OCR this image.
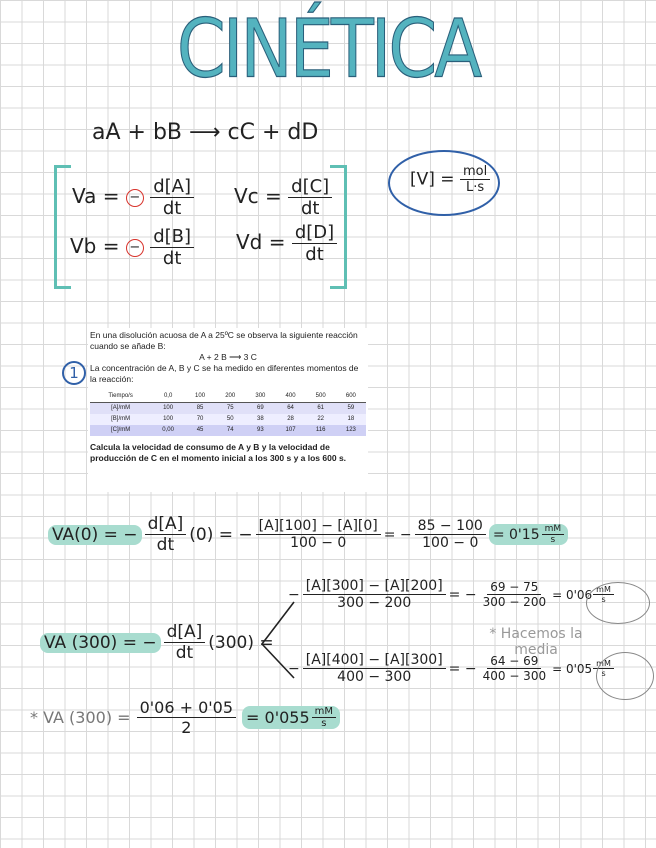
CINÉTICA
aA + bB ⟶ cC + dD
Va = − $\frac{d[A]}{dt}$
Vb = − $\frac{d[B]}{dt}$
$Vc = \frac{d[C]}{dt}$
$Vd = \frac{d[D]}{dt}$
$[V] = \frac{\text{mol}}{L\cdot s}$
1
En una disolución acuosa de A a 25ºC se observa la siguiente reacción cuando se añade B:
A + 2 B ⟶ 3 C
La concentración de A, B y C se ha medido en diferentes momentos de la reacción:
Tiempo/s	0,0	100	200	300	400	500	600
[A]/mM	100	85	75	69	64	61	59
[B]/mM	100	70	50	38	28	22	18
[C]/mM	0,00	45	74	93	107	116	123
Calcula la velocidad de consumo de A y B y la velocidad de producción de C en el momento inicial a los 300 s y a los 600 s.
VA(0) = − $\frac{d[A]}{dt} (0)$ = − $\frac{[A][100] - [A][0]}{100 - 0}$ = − $\frac{85 - 100}{100 - 0} = 0'15 \frac{mM}{s}$
VA (300) = − $\frac{d[A]}{dt} (300)$ =
− $\frac{[A][300] - [A][200]}{300 - 200}$ = − $\frac{69 - 75}{300 - 200} = 0'06 \frac{mM}{s}$
* Hacemos la media
− $\frac{[A][400] - [A][300]}{400 - 300}$ = − $\frac{64 - 69}{400 - 300} = 0'05 \frac{mM}{s}$
* VA $(300) = \frac{0'06 + 0'05}{2} = 0'055 \frac{mM}{s}$
